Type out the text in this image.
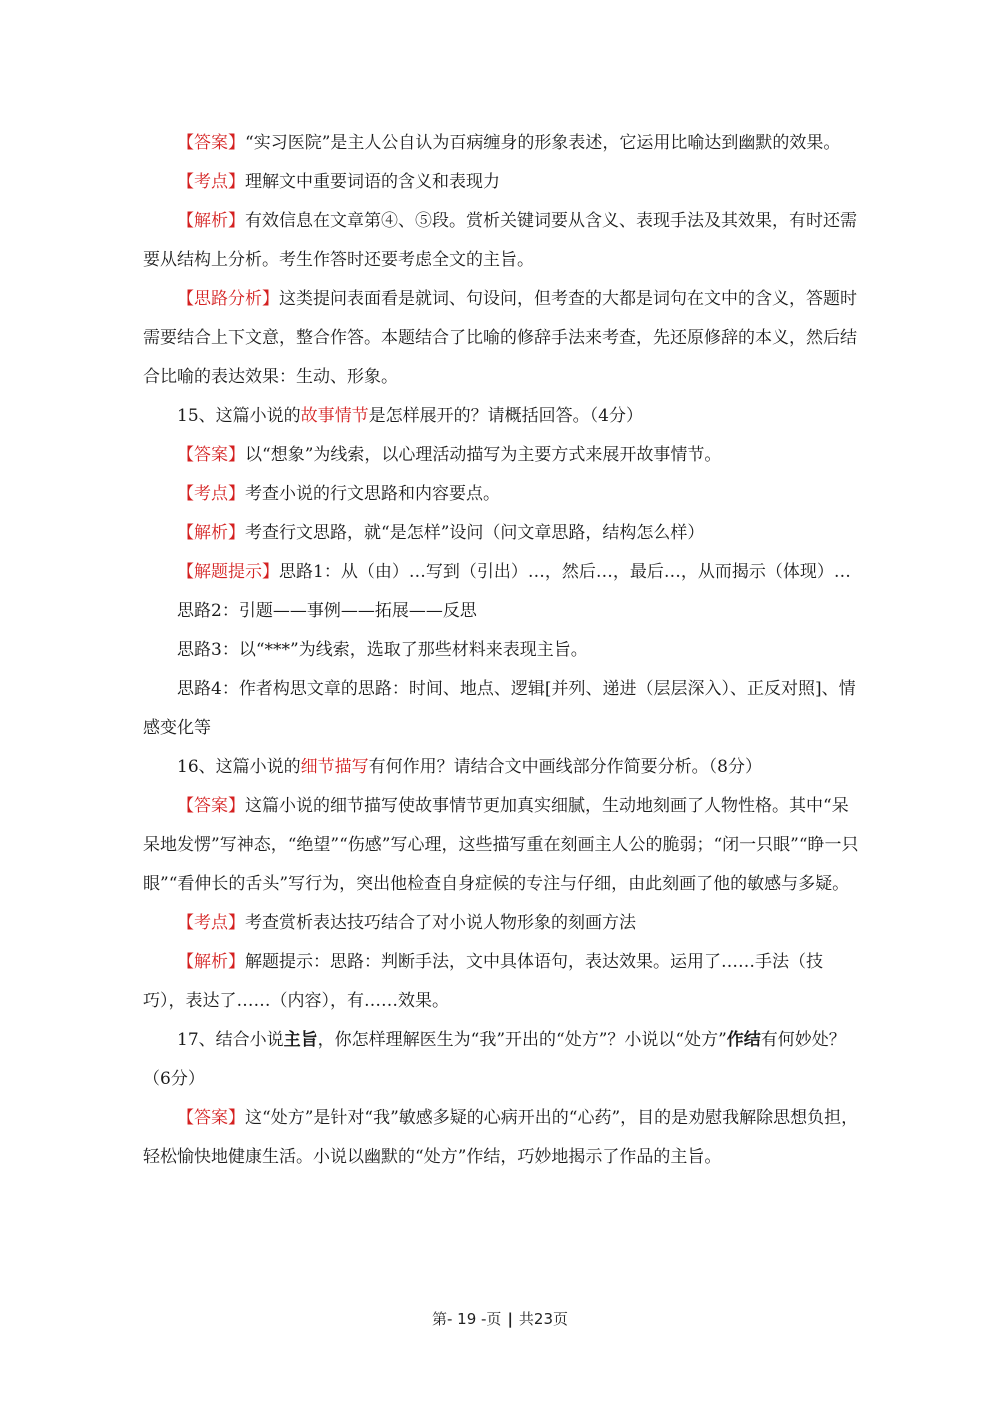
【答案】“实习医院”是主人公自认为百病缠身的形象表述，它运用比喻达到幽默的效果。

【考点】理解文中重要词语的含义和表现力

【解析】有效信息在文章第④、⑤段。赏析关键词要从含义、表现手法及其效果，有时还需要从结构上分析。考生作答时还要考虑全文的主旨。

【思路分析】这类提问表面看是就词、句设问，但考查的大都是词句在文中的含义，答题时需要结合上下文意，整合作答。本题结合了比喻的修辞手法来考查，先还原修辞的本义，然后结合比喻的表达效果：生动、形象。

15、这篇小说的故事情节是怎样展开的？请概括回答。（4分）

【答案】以“想象”为线索，以心理活动描写为主要方式来展开故事情节。

【考点】考查小说的行文思路和内容要点。

【解析】考查行文思路，就“是怎样”设问（问文章思路，结构怎么样）

【解题提示】思路1：从（由）…写到（引出）…，然后…，最后…，从而揭示（体现）…

思路2：引题——事例——拓展——反思

思路3：以“***”为线索，选取了那些材料来表现主旨。

思路4：作者构思文章的思路：时间、地点、逻辑[并列、递进（层层深入）、正反对照]、情感变化等

16、这篇小说的细节描写有何作用？请结合文中画线部分作简要分析。（8分）

【答案】这篇小说的细节描写使故事情节更加真实细腻，生动地刻画了人物性格。其中“呆呆地发愣”写神态，“绝望”“伤感”写心理，这些描写重在刻画主人公的脆弱；“闭一只眼”“睁一只眼”“看伸长的舌头”写行为，突出他检查自身症候的专注与仔细，由此刻画了他的敏感与多疑。

【考点】考查赏析表达技巧结合了对小说人物形象的刻画方法

【解析】解题提示：思路：判断手法，文中具体语句，表达效果。运用了……手法（技巧），表达了……（内容），有……效果。

17、结合小说主旨，你怎样理解医生为“我”开出的“处方”？小说以“处方”作结有何妙处？（6分）

【答案】这“处方”是针对“我”敏感多疑的心病开出的“心药”，目的是劝慰我解除思想负担，轻松愉快地健康生活。小说以幽默的“处方”作结，巧妙地揭示了作品的主旨。

第- 19 -页 | 共23页
